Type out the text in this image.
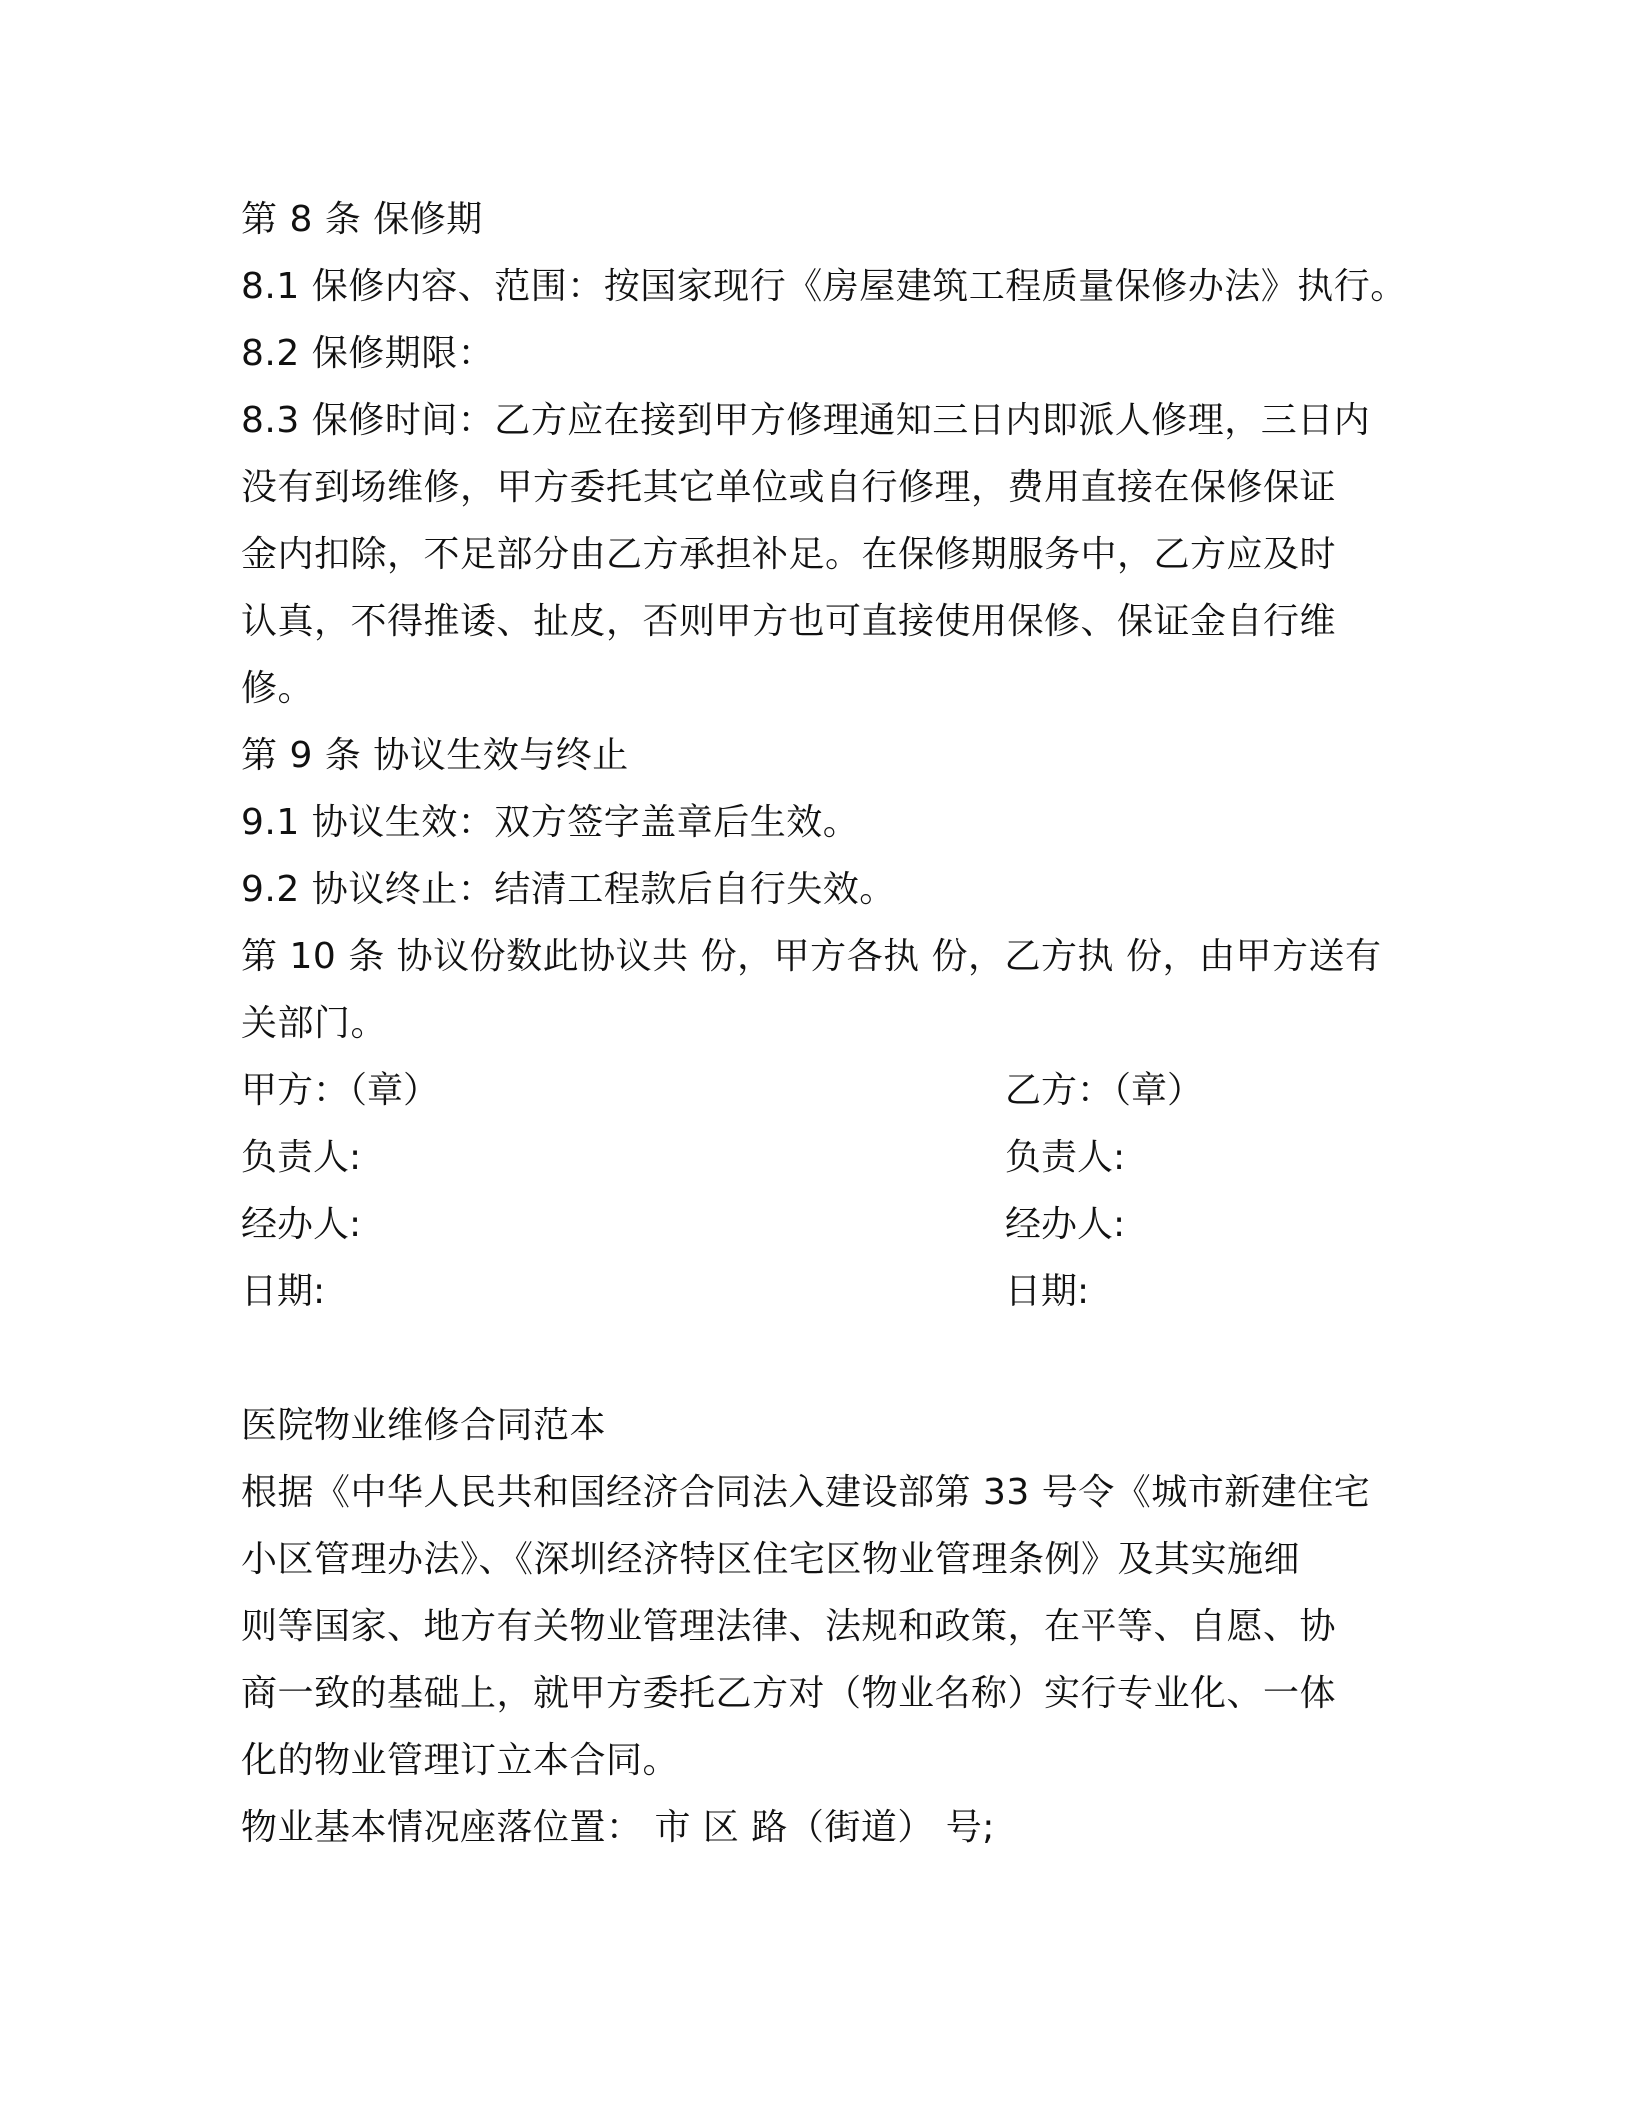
第 8 条 保修期
8.1 保修内容、范围：按国家现行《房屋建筑工程质量保修办法》执行。
8.2 保修期限：
8.3 保修时间：乙方应在接到甲方修理通知三日内即派人修理，三日内
没有到场维修，甲方委托其它单位或自行修理，费用直接在保修保证
金内扣除，不足部分由乙方承担补足。在保修期服务中，乙方应及时
认真，不得推诿、扯皮，否则甲方也可直接使用保修、保证金自行维
修。
第 9 条 协议生效与终止
9.1 协议生效：双方签字盖章后生效。
9.2 协议终止：结清工程款后自行失效。
第 10 条 协议份数此协议共 份，甲方各执 份，乙方执 份，由甲方送有
关部门。
甲方：（章）	乙方：（章）
负责人:	负责人:
经办人:	经办人:
日期:	日期:
医院物业维修合同范本
根据《中华人民共和国经济合同法入建设部第 33 号令《城市新建住宅
小区管理办法》、《深圳经济特区住宅区物业管理条例》及其实施细
则等国家、地方有关物业管理法律、法规和政策，在平等、自愿、协
商一致的基础上，就甲方委托乙方对（物业名称）实行专业化、一体
化的物业管理订立本合同。
物业基本情况座落位置： 市 区 路（街道） 号;
